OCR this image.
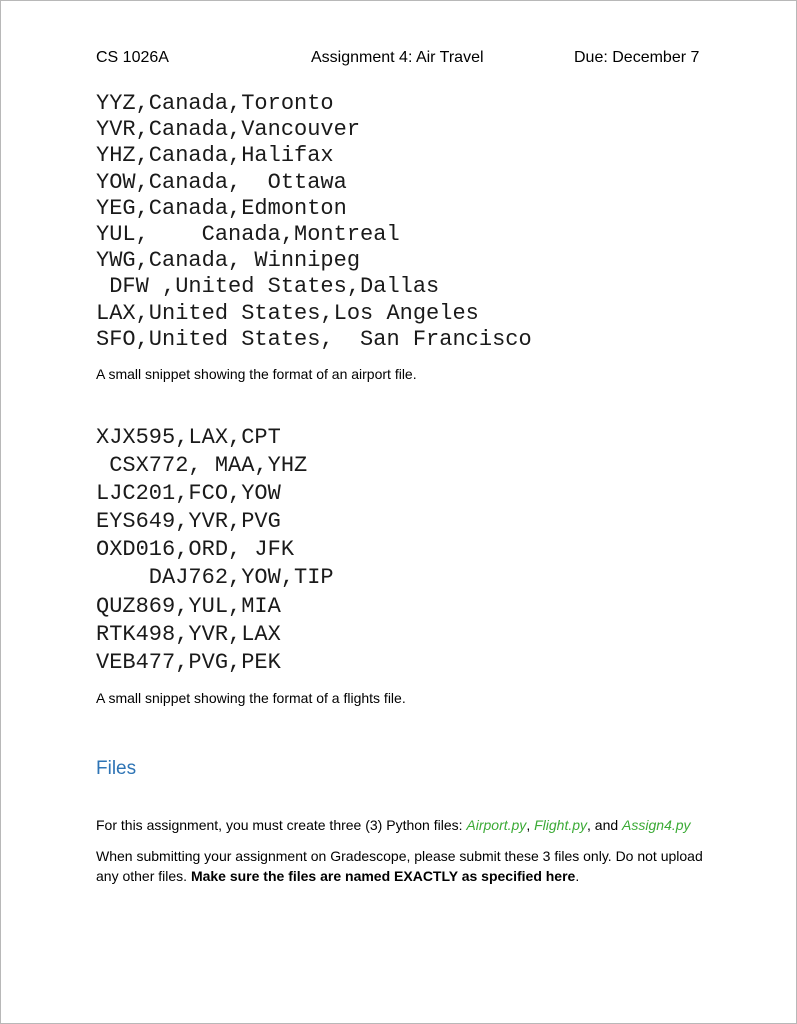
CS 1026A	Assignment 4: Air Travel	Due: December 7
YYZ,Canada,Toronto
YVR,Canada,Vancouver
YHZ,Canada,Halifax
YOW,Canada,  Ottawa
YEG,Canada,Edmonton
YUL,    Canada,Montreal
YWG,Canada, Winnipeg
DFW ,United States,Dallas
LAX,United States,Los Angeles
SFO,United States,  San Francisco
A small snippet showing the format of an airport file.
XJX595,LAX,CPT
CSX772, MAA,YHZ
LJC201,FCO,YOW
EYS649,YVR,PVG
OXD016,ORD, JFK
DAJ762,YOW,TIP
QUZ869,YUL,MIA
RTK498,YVR,LAX
VEB477,PVG,PEK
A small snippet showing the format of a flights file.
Files
For this assignment, you must create three (3) Python files: Airport.py, Flight.py, and Assign4.py
When submitting your assignment on Gradescope, please submit these 3 files only. Do not upload any other files. Make sure the files are named EXACTLY as specified here.
